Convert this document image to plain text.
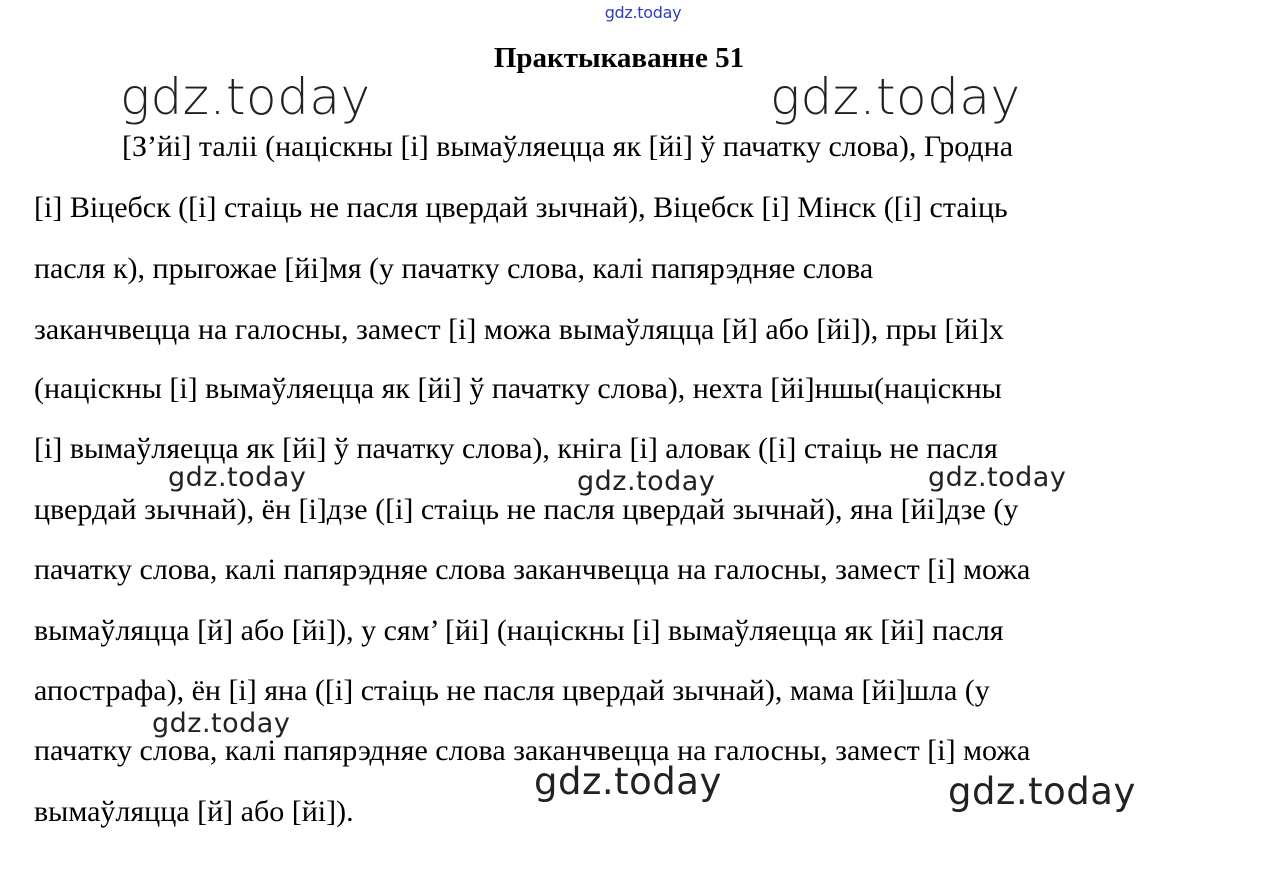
gdz.today
Практыкаванне 51
[З’йі] таліі (націскны [і] вымаўляецца як [йі] ў пачатку слова), Гродна
[і] Віцебск ([і] стаіць не пасля цвердай зычнай), Віцебск [і] Мінск ([і] стаіць
пасля к), прыгожае [йі]мя (у пачатку слова, калі папярэдняе слова
заканчвецца на галосны, замест [і] можа вымаўляцца [й] або [йі]), пры [йі]х
(націскны [і] вымаўляецца як [йі] ў пачатку слова), нехта [йі]ншы(націскны
[і] вымаўляецца як [йі] ў пачатку слова), кніга [і] аловак ([і] стаіць не пасля
цвердай зычнай), ён [і]дзе ([і] стаіць не пасля цвердай зычнай), яна [йі]дзе (у
пачатку слова, калі папярэдняе слова заканчвецца на галосны, замест [і] можа
вымаўляцца [й] або [йі]), у сям’ [йі] (націскны [і] вымаўляецца як [йі] пасля
апострафа), ён [і] яна ([і] стаіць не пасля цвердай зычнай), мама [йі]шла (у
пачатку слова, калі папярэдняе слова заканчвецца на галосны, замест [і] можа
вымаўляцца [й] або [йі]).
gdz.today	gdz.today
gdz.today	gdz.today	gdz.today
gdz.today
gdz.today	gdz.today
